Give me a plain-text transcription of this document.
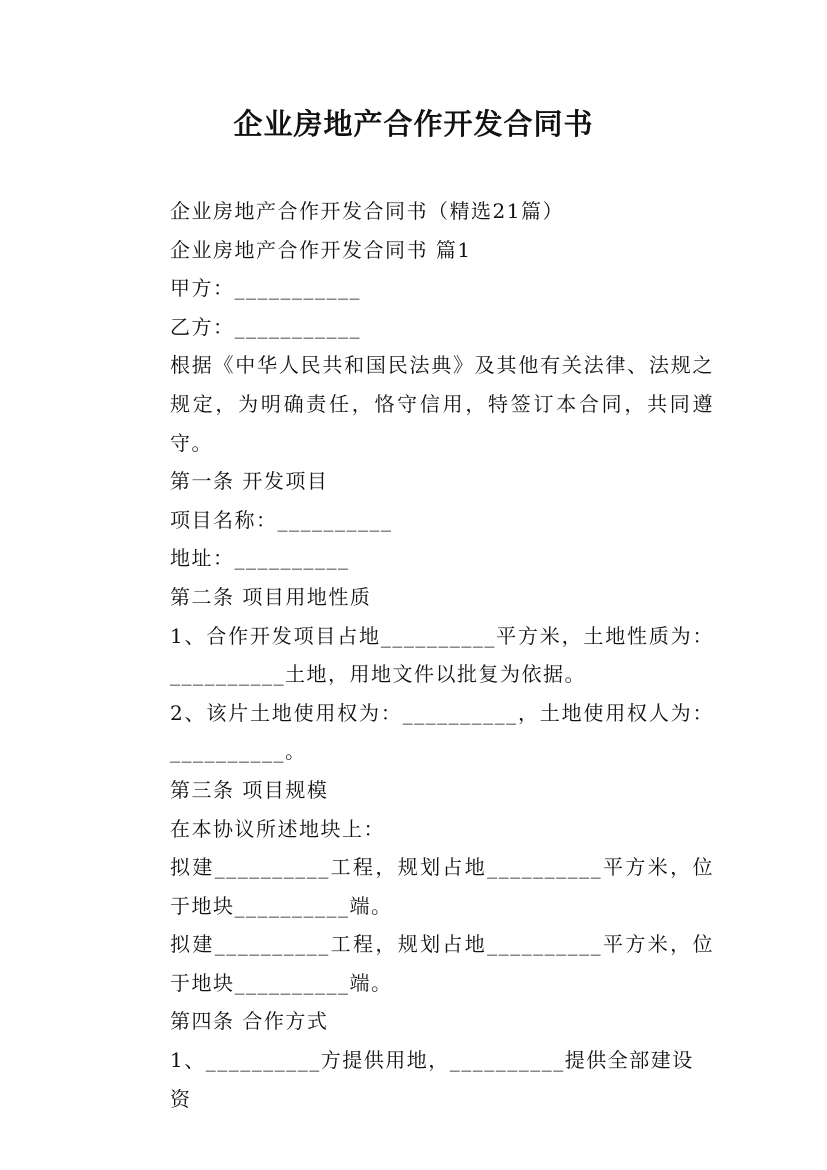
企业房地产合作开发合同书

企业房地产合作开发合同书（精选21篇）

企业房地产合作开发合同书 篇1

甲方：___________

乙方：___________

根据《中华人民共和国民法典》及其他有关法律、法规之规定，为明确责任，恪守信用，特签订本合同，共同遵守。

第一条 开发项目

项目名称：__________

地址：__________

第二条 项目用地性质

1、合作开发项目占地__________平方米，土地性质为：__________土地，用地文件以批复为依据。

2、该片土地使用权为：__________，土地使用权人为：__________。

第三条 项目规模

在本协议所述地块上：

拟建__________工程，规划占地__________平方米，位于地块__________端。

拟建__________工程，规划占地__________平方米，位于地块__________端。

第四条 合作方式

1、__________方提供用地，__________提供全部建设资
